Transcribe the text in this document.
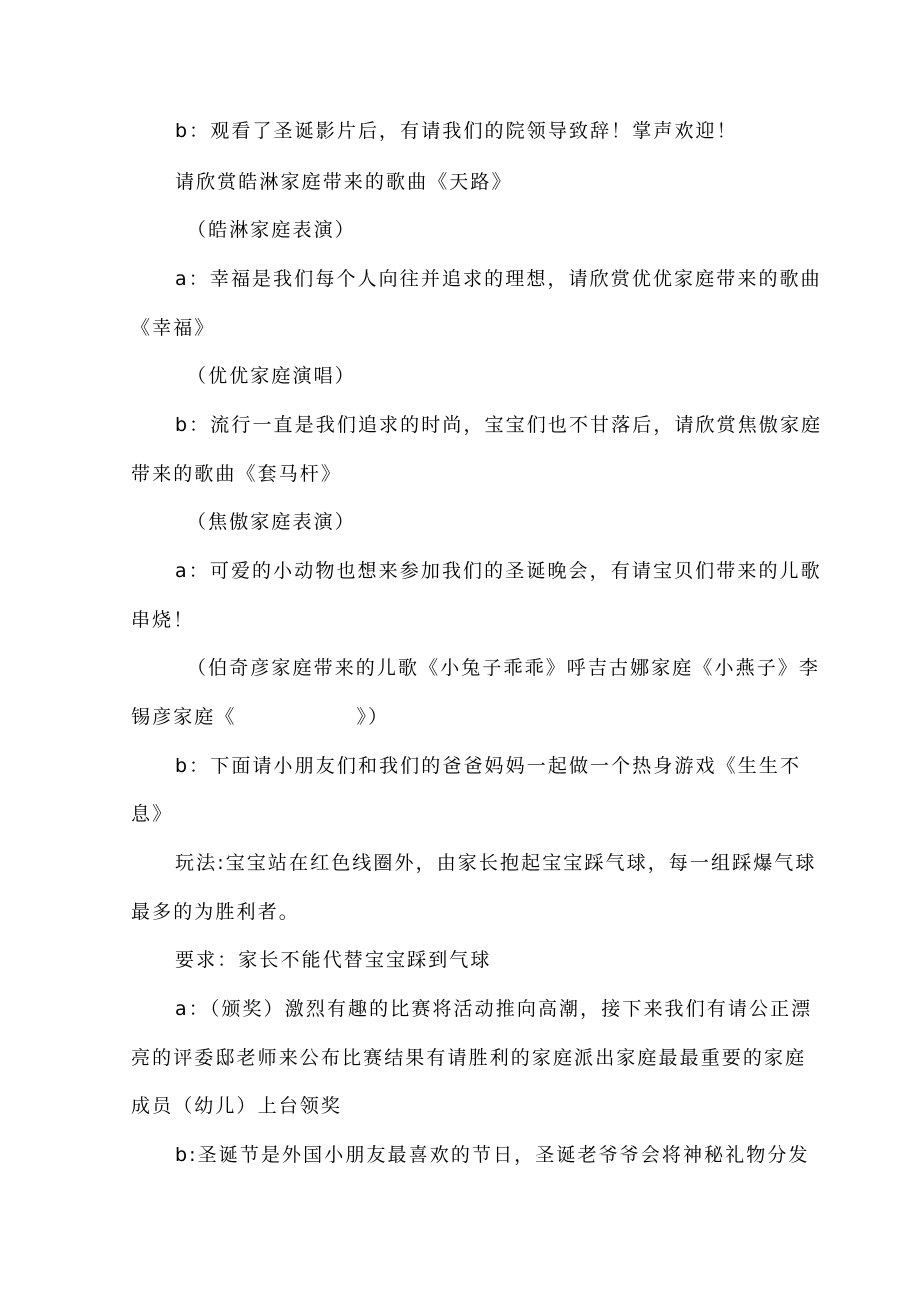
b：观看了圣诞影片后，有请我们的院领导致辞！掌声欢迎！
请欣赏皓淋家庭带来的歌曲《天路》
（皓淋家庭表演）
a：幸福是我们每个人向往并追求的理想，请欣赏优优家庭带来的歌曲
《幸福》
（优优家庭演唱）
b：流行一直是我们追求的时尚，宝宝们也不甘落后，请欣赏焦傲家庭
带来的歌曲《套马杆》
（焦傲家庭表演）
a：可爱的小动物也想来参加我们的圣诞晚会，有请宝贝们带来的儿歌
串烧！
（伯奇彦家庭带来的儿歌《小兔子乖乖》呼吉古娜家庭《小燕子》李
锡彦家庭《	》）
b：下面请小朋友们和我们的爸爸妈妈一起做一个热身游戏《生生不
息》
玩法:宝宝站在红色线圈外，由家长抱起宝宝踩气球，每一组踩爆气球
最多的为胜利者。
要求：家长不能代替宝宝踩到气球
a：（颁奖）激烈有趣的比赛将活动推向高潮，接下来我们有请公正漂
亮的评委邸老师来公布比赛结果有请胜利的家庭派出家庭最最重要的家庭
成员（幼儿）上台领奖
b:圣诞节是外国小朋友最喜欢的节日，圣诞老爷爷会将神秘礼物分发
